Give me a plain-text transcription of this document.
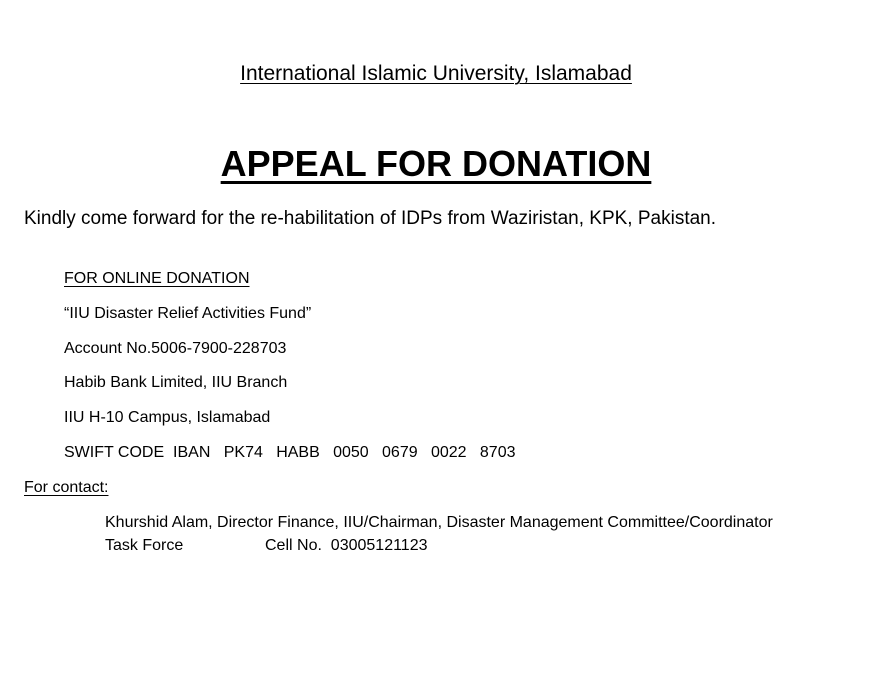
International Islamic University, Islamabad
APPEAL FOR DONATION
Kindly come forward for the re-habilitation of IDPs from Waziristan, KPK, Pakistan.
FOR ONLINE DONATION
“IIU Disaster Relief Activities Fund”
Account No.5006-7900-228703
Habib Bank Limited, IIU Branch
IIU H-10 Campus, Islamabad
SWIFT CODE  IBAN   PK74   HABB   0050   0679   0022   8703
For contact:
Khurshid Alam, Director Finance, IIU/Chairman, Disaster Management Committee/Coordinator
Task Force	Cell No.  03005121123
